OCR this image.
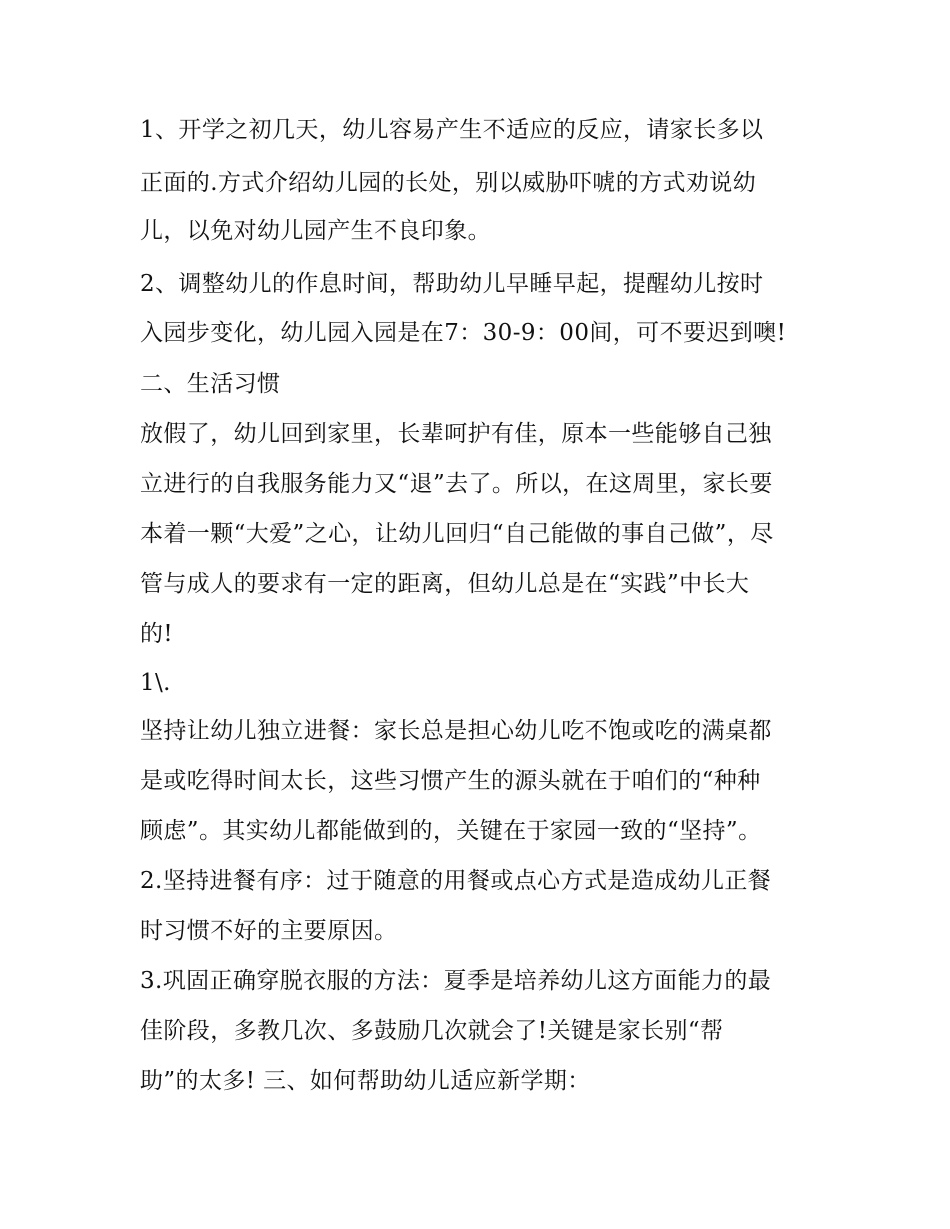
1、开学之初几天，幼儿容易产生不适应的反应，请家长多以
正面的.方式介绍幼儿园的长处，别以威胁吓唬的方式劝说幼
儿，以免对幼儿园产生不良印象。
2、调整幼儿的作息时间，帮助幼儿早睡早起，提醒幼儿按时
入园步变化，幼儿园入园是在7：30-9：00间，可不要迟到噢!
二、生活习惯
放假了，幼儿回到家里，长辈呵护有佳，原本一些能够自己独
立进行的自我服务能力又“退”去了。所以，在这周里，家长要
本着一颗“大爱”之心，让幼儿回归“自己能做的事自己做”，尽
管与成人的要求有一定的距离，但幼儿总是在“实践”中长大
的!
1\.
坚持让幼儿独立进餐：家长总是担心幼儿吃不饱或吃的满桌都
是或吃得时间太长，这些习惯产生的源头就在于咱们的“种种
顾虑”。其实幼儿都能做到的，关键在于家园一致的“坚持”。
2.坚持进餐有序：过于随意的用餐或点心方式是造成幼儿正餐
时习惯不好的主要原因。
3.巩固正确穿脱衣服的方法：夏季是培养幼儿这方面能力的最
佳阶段，多教几次、多鼓励几次就会了!关键是家长别“帮
助”的太多! 三、如何帮助幼儿适应新学期：
